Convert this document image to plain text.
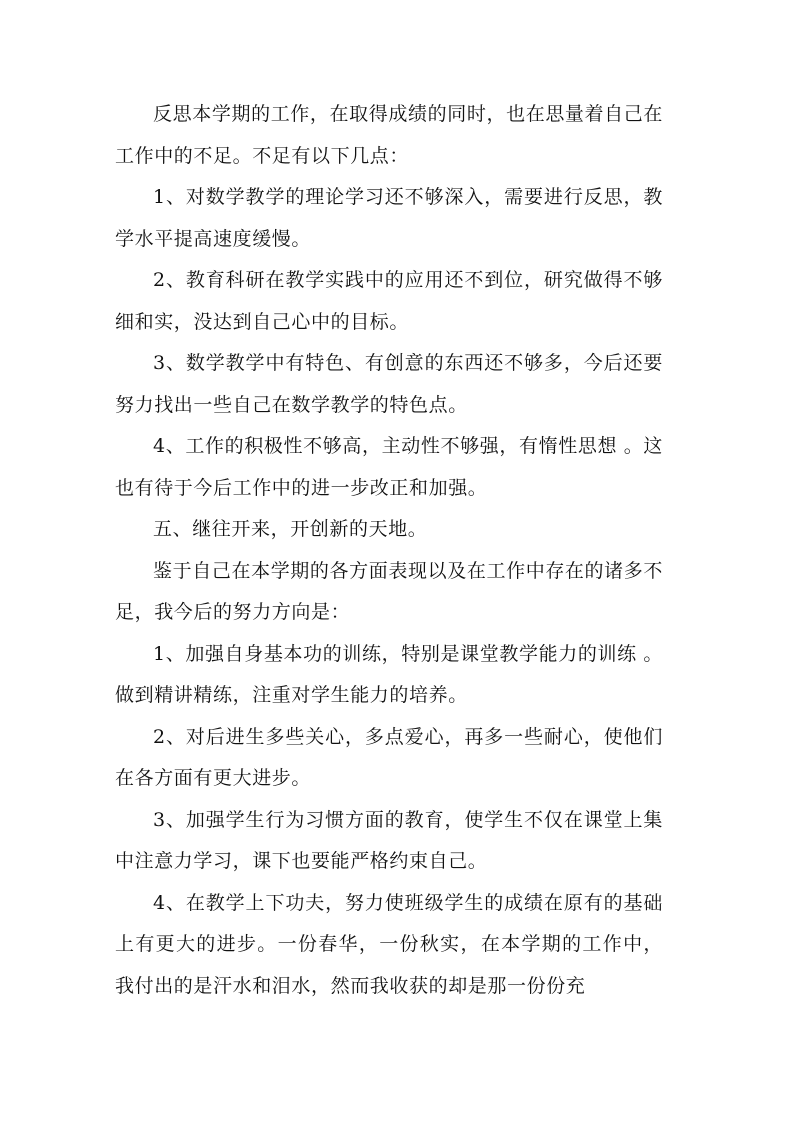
反思本学期的工作，在取得成绩的同时，也在思量着自己在工作中的不足。不足有以下几点：

1、对数学教学的理论学习还不够深入，需要进行反思，教学水平提高速度缓慢。

2、教育科研在教学实践中的应用还不到位，研究做得不够细和实，没达到自己心中的目标。

3、数学教学中有特色、有创意的东西还不够多，今后还要努力找出一些自己在数学教学的特色点。

4、工作的积极性不够高，主动性不够强，有惰性思想 。这也有待于今后工作中的进一步改正和加强。

五、继往开来，开创新的天地。

鉴于自己在本学期的各方面表现以及在工作中存在的诸多不足，我今后的努力方向是：

1、加强自身基本功的训练，特别是课堂教学能力的训练 。做到精讲精练，注重对学生能力的培养。

2、对后进生多些关心，多点爱心，再多一些耐心，使他们在各方面有更大进步。

3、加强学生行为习惯方面的教育，使学生不仅在课堂上集中注意力学习，课下也要能严格约束自己。

4、在教学上下功夫，努力使班级学生的成绩在原有的基础上有更大的进步。一份春华，一份秋实，在本学期的工作中，我付出的是汗水和泪水，然而我收获的却是那一份份充
